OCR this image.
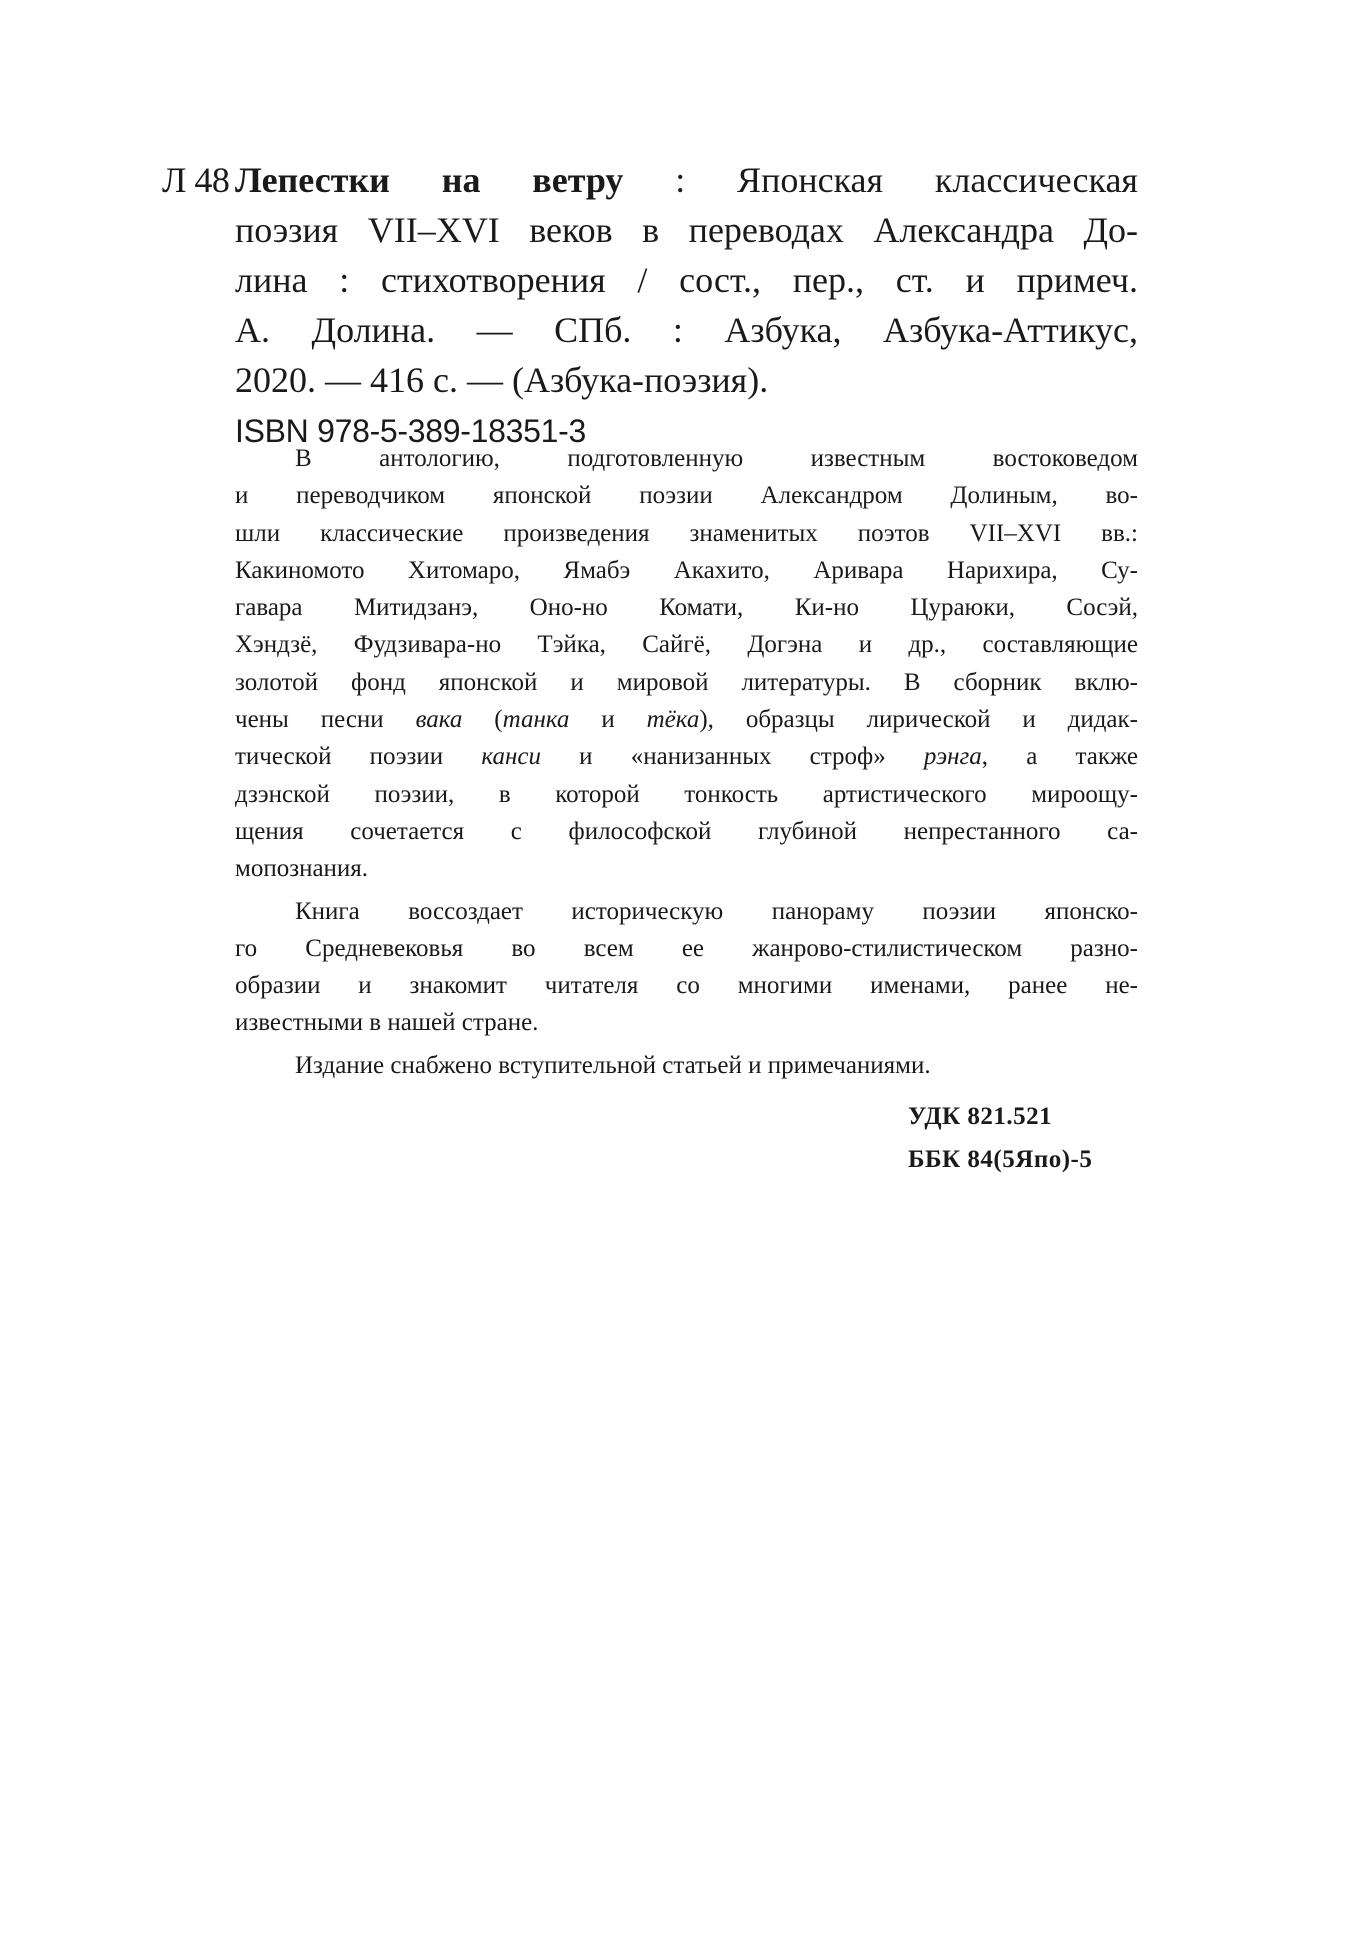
Л 48 Лепестки на ветру : Японская классическая
поэзия VII–XVI веков в переводах Александра До-
лина : стихотворения / сост., пер., ст. и примеч.
А. Долина. — СПб. : Азбука, Азбука-Аттикус,
2020. — 416 с. — (Азбука-поэзия).
ISBN 978-5-389-18351-3
В антологию, подготовленную известным востоковедом
и переводчиком японской поэзии Александром Долиным, во-
шли классические произведения знаменитых поэтов VII–XVI вв.:
Какиномото Хитомаро, Ямабэ Акахито, Аривара Нарихира, Су-
гавара Митидзанэ, Оно-но Комати, Ки-но Цураюки, Сосэй,
Хэндзё, Фудзивара-но Тэйка, Сайгё, Догэна и др., составляющие
золотой фонд японской и мировой литературы. В сборник вклю-
чены песни вака (танка и тёка), образцы лирической и дидак-
тической поэзии канси и «нанизанных строф» рэнга, а также
дзэнской поэзии, в которой тонкость артистического мироощу-
щения сочетается с философской глубиной непрестанного са-
мопознания.
Книга воссоздает историческую панораму поэзии японско-
го Средневековья во всем ее жанрово-стилистическом разно-
образии и знакомит читателя со многими именами, ранее не-
известными в нашей стране.
Издание снабжено вступительной статьей и примечаниями.
УДК 821.521
ББК 84(5Япо)-5
